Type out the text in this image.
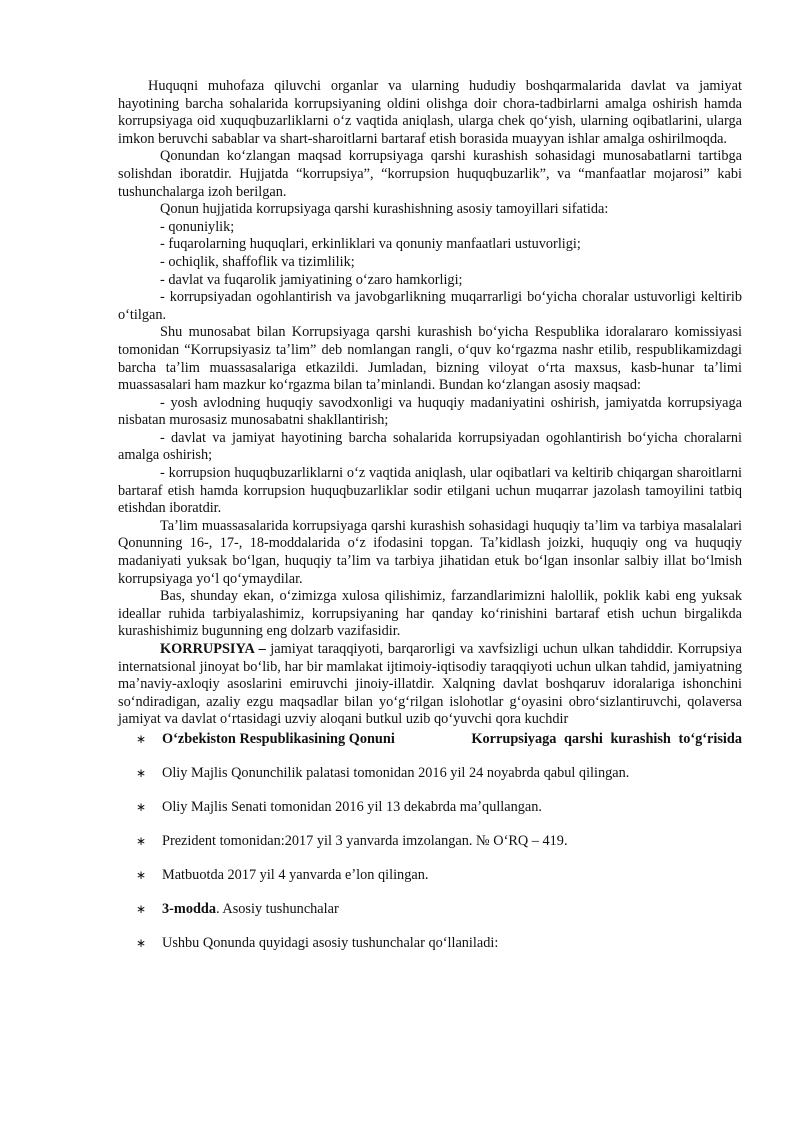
Huquqni muhofaza qiluvchi organlar va ularning hududiy boshqarmalarida davlat va jamiyat hayotining barcha sohalarida korrupsiyaning oldini olishga doir chora-tadbirlarni amalga oshirish hamda korrupsiyaga oid xuquqbuzarliklarni oʻz vaqtida aniqlash, ularga chek qoʻyish, ularning oqibatlarini, ularga imkon beruvchi sabablar va shart-sharoitlarni bartaraf etish borasida muayyan ishlar amalga oshirilmoqda.

Qonundan koʻzlangan maqsad korrupsiyaga qarshi kurashish sohasidagi munosabatlarni tartibga solishdan iboratdir. Hujjatda “korrupsiya”, “korrupsion huquqbuzarlik”, va “manfaatlar mojarosi” kabi tushunchalarga izoh berilgan.

Qonun hujjatida korrupsiyaga qarshi kurashishning asosiy tamoyillari sifatida:

- qonuniylik;

- fuqarolarning huquqlari, erkinliklari va qonuniy manfaatlari ustuvorligi;

- ochiqlik, shaffoflik va tizimlilik;

- davlat va fuqarolik jamiyatining oʻzaro hamkorligi;

- korrupsiyadan ogohlantirish va javobgarlikning muqarrarligi boʻyicha choralar ustuvorligi keltirib oʻtilgan.

Shu munosabat bilan Korrupsiyaga qarshi kurashish boʻyicha Respublika idoralararo komissiyasi tomonidan “Korrupsiyasiz taʼlim” deb nomlangan rangli, oʻquv koʻrgazma nashr etilib, respublikamizdagi barcha taʼlim muassasalariga etkazildi. Jumladan, bizning viloyat oʻrta maxsus, kasb-hunar taʼlimi muassasalari ham mazkur koʻrgazma bilan taʼminlandi. Bundan koʻzlangan asosiy maqsad:

- yosh avlodning huquqiy savodxonligi va huquqiy madaniyatini oshirish, jamiyatda korrupsiyaga nisbatan murosasiz munosabatni shakllantirish;

- davlat va jamiyat hayotining barcha sohalarida korrupsiyadan ogohlantirish boʻyicha choralarni amalga oshirish;

- korrupsion huquqbuzarliklarni oʻz vaqtida aniqlash, ular oqibatlari va keltirib chiqargan sharoitlarni bartaraf etish hamda korrupsion huquqbuzarliklar sodir etilgani uchun muqarrar jazolash tamoyilini tatbiq etishdan iboratdir.

Taʼlim muassasalarida korrupsiyaga qarshi kurashish sohasidagi huquqiy taʼlim va tarbiya masalalari Qonunning 16-, 17-, 18-moddalarida oʻz ifodasini topgan. Taʼkidlash joizki, huquqiy ong va huquqiy madaniyati yuksak boʻlgan, huquqiy taʼlim va tarbiya jihatidan etuk boʻlgan insonlar salbiy illat boʻlmish korrupsiyaga yoʻl qoʻymaydilar.

Bas, shunday ekan, oʻzimizga xulosa qilishimiz, farzandlarimizni halollik, poklik kabi eng yuksak ideallar ruhida tarbiyalashimiz, korrupsiyaning har qanday koʻrinishini bartaraf etish uchun birgalikda kurashishimiz bugunning eng dolzarb vazifasidir.

KORRUPSIYA – jamiyat taraqqiyoti, barqarorligi va xavfsizligi uchun ulkan tahdiddir. Korrupsiya internatsional jinoyat boʻlib, har bir mamlakat ijtimoiy-iqtisodiy taraqqiyoti uchun ulkan tahdid, jamiyatning maʼnaviy-axloqiy asoslarini emiruvchi jinoiy-illatdir. Xalqning davlat boshqaruv idoralariga ishonchini soʻndiradigan, azaliy ezgu maqsadlar bilan yoʻgʻrilgan islohotlar gʻoyasini obroʻsizlantiruvchi, qolaversa jamiyat va davlat oʻrtasidagi uzviy aloqani butkul uzib qoʻyuvchi qora kuchdir

∗ Oʻzbekiston Respublikasining Qonuni	Korrupsiyaga qarshi kurashish toʻgʻrisida
∗ Oliy Majlis Qonunchilik palatasi tomonidan 2016 yil 24 noyabrda qabul qilingan.
∗ Oliy Majlis Senati tomonidan 2016 yil 13 dekabrda maʼqullangan.
∗ Prezident tomonidan:2017 yil 3 yanvarda imzolangan. № OʻRQ – 419.
∗ Matbuotda 2017 yil 4 yanvarda eʼlon qilingan.
∗ 3-modda. Asosiy tushunchalar
∗ Ushbu Qonunda quyidagi asosiy tushunchalar qoʻllaniladi:
